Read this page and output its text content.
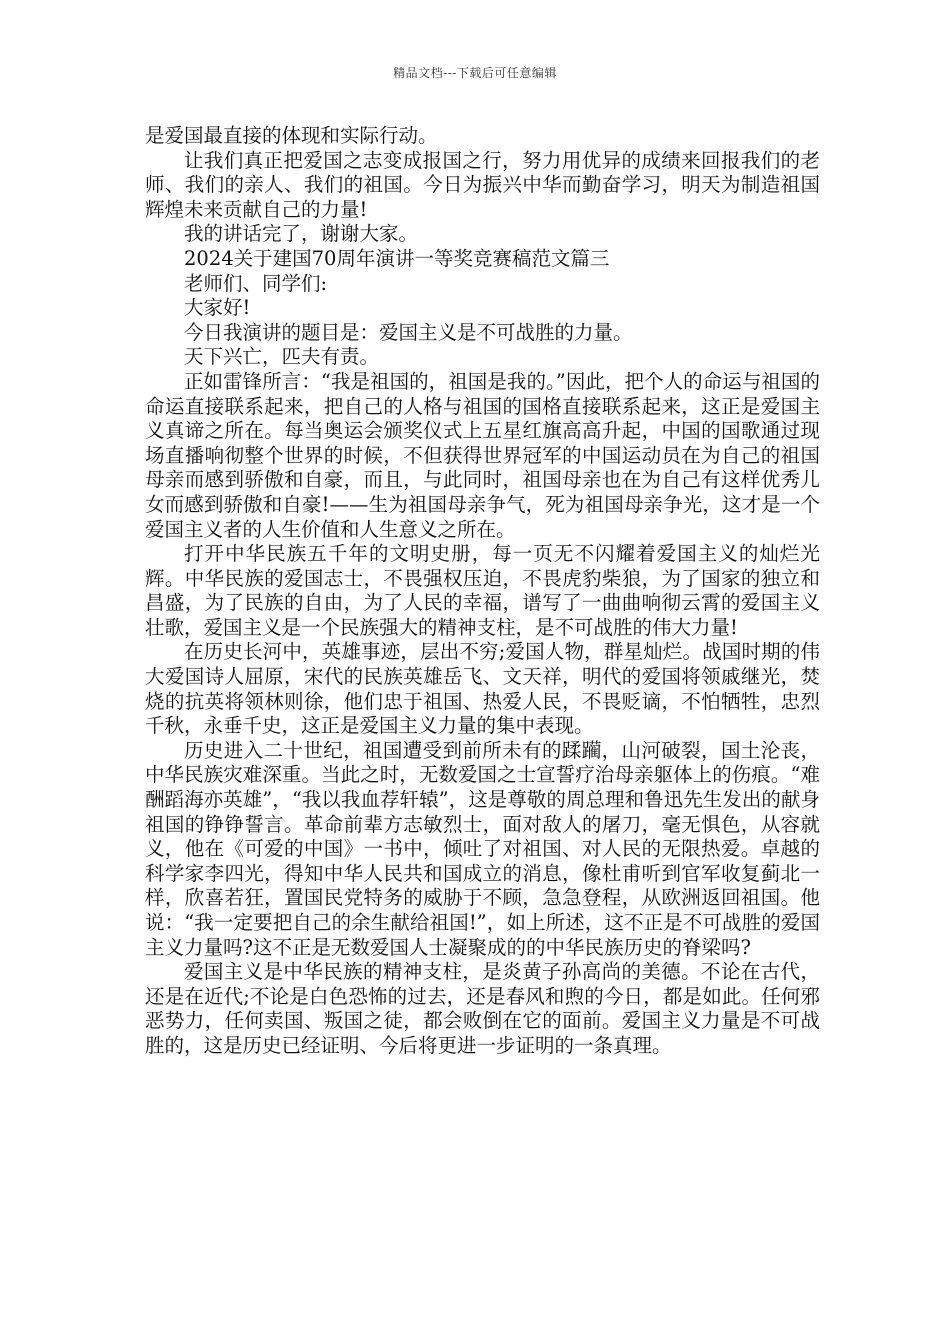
精品文档---下载后可任意编辑

是爱国最直接的体现和实际行动。

让我们真正把爱国之志变成报国之行，努力用优异的成绩来回报我们的老师、我们的亲人、我们的祖国。今日为振兴中华而勤奋学习，明天为制造祖国辉煌未来贡献自己的力量!

我的讲话完了，谢谢大家。

2024关于建国70周年演讲一等奖竞赛稿范文篇三

老师们、同学们:

大家好!

今日我演讲的题目是：爱国主义是不可战胜的力量。

天下兴亡，匹夫有责。

正如雷锋所言：“我是祖国的，祖国是我的。”因此，把个人的命运与祖国的命运直接联系起来，把自己的人格与祖国的国格直接联系起来，这正是爱国主义真谛之所在。每当奥运会颁奖仪式上五星红旗高高升起，中国的国歌通过现场直播响彻整个世界的时候，不但获得世界冠军的中国运动员在为自己的祖国母亲而感到骄傲和自豪，而且，与此同时，祖国母亲也在为自己有这样优秀儿女而感到骄傲和自豪!——生为祖国母亲争气，死为祖国母亲争光，这才是一个爱国主义者的人生价值和人生意义之所在。

打开中华民族五千年的文明史册，每一页无不闪耀着爱国主义的灿烂光辉。中华民族的爱国志士，不畏强权压迫，不畏虎豹柴狼，为了国家的独立和昌盛，为了民族的自由，为了人民的幸福，谱写了一曲曲响彻云霄的爱国主义壮歌，爱国主义是一个民族强大的精神支柱，是不可战胜的伟大力量!

在历史长河中，英雄事迹，层出不穷;爱国人物，群星灿烂。战国时期的伟大爱国诗人屈原，宋代的民族英雄岳飞、文天祥，明代的爱国将领戚继光，焚烧的抗英将领林则徐，他们忠于祖国、热爱人民，不畏贬谪，不怕牺牲，忠烈千秋，永垂千史，这正是爱国主义力量的集中表现。

历史进入二十世纪，祖国遭受到前所未有的蹂躏，山河破裂，国土沦丧，中华民族灾难深重。当此之时，无数爱国之士宣誓疗治母亲躯体上的伤痕。“难酬蹈海亦英雄”，“我以我血荐轩辕”，这是尊敬的周总理和鲁迅先生发出的献身祖国的铮铮誓言。革命前辈方志敏烈士，面对敌人的屠刀，毫无惧色，从容就义，他在《可爱的中国》一书中，倾吐了对祖国、对人民的无限热爱。卓越的科学家李四光，得知中华人民共和国成立的消息，像杜甫听到官军收复蓟北一样，欣喜若狂，置国民党特务的威胁于不顾，急急登程，从欧洲返回祖国。他说：“我一定要把自己的余生献给祖国!”，如上所述，这不正是不可战胜的爱国主义力量吗?这不正是无数爱国人士凝聚成的的中华民族历史的脊梁吗?

爱国主义是中华民族的精神支柱，是炎黄子孙高尚的美德。不论在古代，还是在近代;不论是白色恐怖的过去，还是春风和煦的今日，都是如此。任何邪恶势力，任何卖国、叛国之徒，都会败倒在它的面前。爱国主义力量是不可战胜的，这是历史已经证明、今后将更进一步证明的一条真理。
